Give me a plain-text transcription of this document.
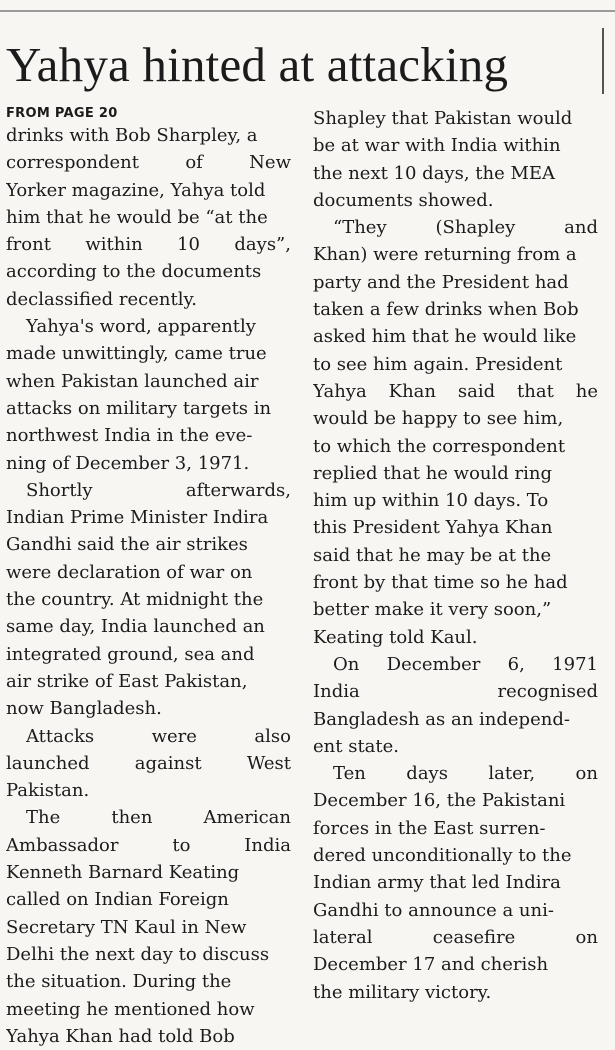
Yahya hinted at attacking
FROM PAGE 20
drinks with Bob Sharpley, a
correspondent of New
Yorker magazine, Yahya told
him that he would be “at the
front within 10 days”,
according to the documents
declassified recently.
Yahya's word, apparently
made unwittingly, came true
when Pakistan launched air
attacks on military targets in
northwest India in the eve-
ning of December 3, 1971.
Shortly afterwards,
Indian Prime Minister Indira
Gandhi said the air strikes
were declaration of war on
the country. At midnight the
same day, India launched an
integrated ground, sea and
air strike of East Pakistan,
now Bangladesh.
Attacks were also
launched against West
Pakistan.
The then American
Ambassador to India
Kenneth Barnard Keating
called on Indian Foreign
Secretary TN Kaul in New
Delhi the next day to discuss
the situation. During the
meeting he mentioned how
Yahya Khan had told Bob
Shapley that Pakistan would
be at war with India within
the next 10 days, the MEA
documents showed.
“They (Shapley and
Khan) were returning from a
party and the President had
taken a few drinks when Bob
asked him that he would like
to see him again. President
Yahya Khan said that he
would be happy to see him,
to which the correspondent
replied that he would ring
him up within 10 days. To
this President Yahya Khan
said that he may be at the
front by that time so he had
better make it very soon,”
Keating told Kaul.
On December 6, 1971
India recognised
Bangladesh as an independ-
ent state.
Ten days later, on
December 16, the Pakistani
forces in the East surren-
dered unconditionally to the
Indian army that led Indira
Gandhi to announce a uni-
lateral ceasefire on
December 17 and cherish
the military victory.
